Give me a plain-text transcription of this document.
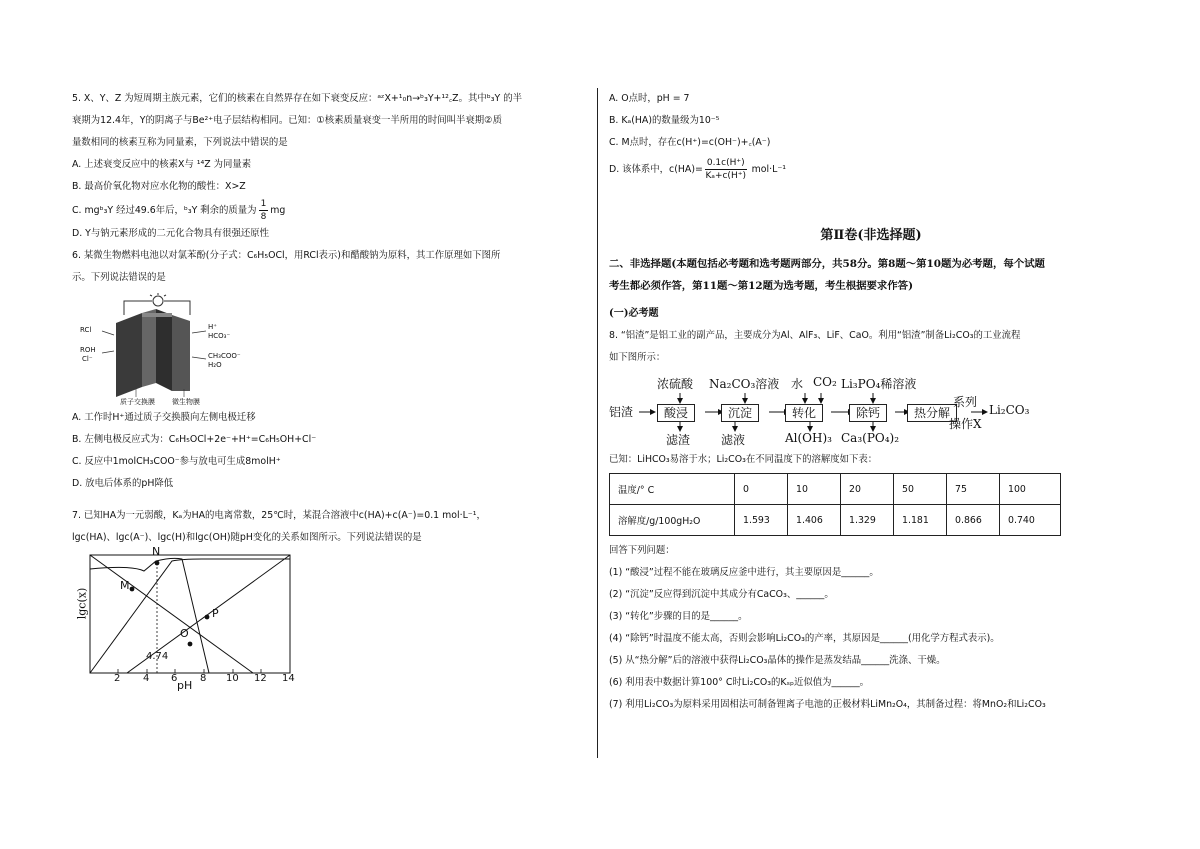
5. X、Y、Z 为短周期主族元素，它们的核素在自然界存在如下衰变反应：ᵃᶻX+¹₀n→ᵇ₃Y+¹²꜀Z。其中ᵇ₃Y 的半
衰期为12.4年，Y的阴离子与Be²⁺电子层结构相同。已知：①核素质量衰变一半所用的时间叫半衰期②质
量数相同的核素互称为同量素，下列说法中错误的是
A. 上述衰变反应中的核素X与 ¹⁴Z 为同量素
B. 最高价氧化物对应水化物的酸性：X>Z
C. mgᵇ₃Y 经过49.6年后，ᵇ₃Y 剩余的质量为 $\frac{1}{8}$ mg
D. Y与钠元素形成的二元化合物具有很强还原性
6. 某微生物燃料电池以对氯苯酚(分子式：C₆H₅OCl，用RCl表示)和醋酸钠为原料，其工作原理如下图所
示。下列说法错误的是
RCl
ROH
Cl⁻
H⁺
HCO₃⁻
CH₃COO⁻
H₂O
质子交换膜 微生物膜
A. 工作时H⁺通过质子交换膜向左侧电极迁移
B. 左侧电极反应式为：C₆H₅OCl+2e⁻+H⁺=C₆H₅OH+Cl⁻
C. 反应中1molCH₃COO⁻参与放电可生成8molH⁺
D. 放电后体系的pH降低
7. 已知HA为一元弱酸，Kₐ为HA的电离常数，25℃时，某混合溶液中c(HA)+c(A⁻)=0.1 mol·L⁻¹，
lgc(HA)、lgc(A⁻)、lgc(H)和lgc(OH)随pH变化的关系如图所示。下列说法错误的是
lgc(x)
M
N
O
P
4.74
2 4 6 8 10 12 14
pH
A. O点时，pH = 7
B. Kₐ(HA)的数量级为10⁻⁵
C. M点时，存在c(H⁺)=c(OH⁻)+꜀(A⁻)
D. 该体系中，$c(HA)= \frac{0.1c(H^+)}{\text{Kₐ+c(H⁺)}} mol\cdot L^{-1}$
第Ⅱ卷(非选择题)
二、非选择题(本题包括必考题和选考题两部分，共58分。第8题～第10题为必考题，每个试题
考生都必须作答，第11题～第12题为选考题，考生根据要求作答)
(一)必考题
8. “铝渣”是铝工业的副产品，主要成分为Al、AlF₃、LiF、CaO。利用“铝渣”制备Li₂CO₃的工业流程
如下图所示：
铝渣	酸浸	沉淀	转化	除钙	热分解
浓硫酸 Na₂CO₃溶液 水 CO₂ Li₃PO₄稀溶液
滤渣	滤液	Al(OH)₃ Ca₃(PO₄)₂
系列
操作X
Li₂CO₃
已知：LiHCO₃易溶于水；Li₂CO₃在不同温度下的溶解度如下表：
温度/° C	0	10	20	50	75	100
溶解度/g/100gH₂O	1.593	1.406	1.329	1.181	0.866	0.740
回答下列问题：
(1) “酸浸”过程不能在玻璃反应釜中进行，其主要原因是______。
(2) “沉淀”反应得到沉淀中其成分有CaCO₃、______。
(3) “转化”步骤的目的是______。
(4) “除钙”时温度不能太高，否则会影响Li₂CO₃的产率，其原因是______(用化学方程式表示)。
(5) 从“热分解”后的溶液中获得Li₂CO₃晶体的操作是蒸发结晶______洗涤、干燥。
(6) 利用表中数据计算100° C时Li₂CO₃的Kₛₚ近似值为______。
(7) 利用Li₂CO₃为原料采用固相法可制备锂离子电池的正极材料LiMn₂O₄，其制备过程：将MnO₂和Li₂CO₃
